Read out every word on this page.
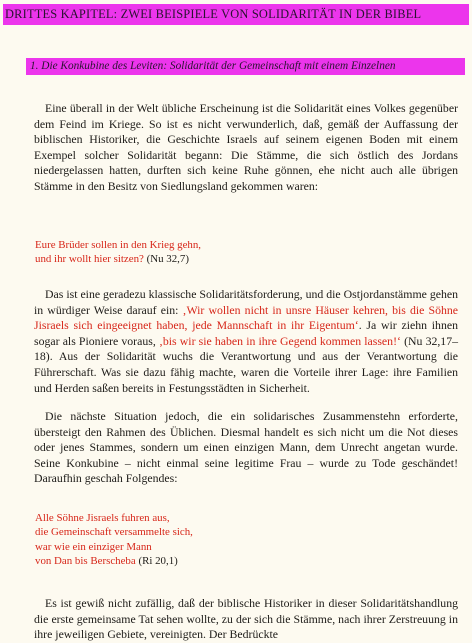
DRITTES KAPITEL: ZWEI BEISPIELE VON SOLIDARITÄT IN DER BIBEL
1. Die Konkubine des Leviten: Solidarität der Gemeinschaft mit einem Einzelnen

Eine überall in der Welt übliche Erscheinung ist die Solidarität eines Volkes gegenüber dem Feind im Kriege. So ist es nicht verwunderlich, daß, gemäß der Auffassung der biblischen Historiker, die Geschichte Israels auf seinem eigenen Boden mit einem Exempel solcher Solidarität begann: Die Stämme, die sich östlich des Jordans niedergelassen hatten, durften sich keine Ruhe gönnen, ehe nicht auch alle übrigen Stämme in den Besitz von Siedlungsland gekommen waren:

Eure Brüder sollen in den Krieg gehn,
und ihr wollt hier sitzen? (Nu 32,7)

Das ist eine geradezu klassische Solidaritätsforderung, und die Ostjordanstämme gehen in würdiger Weise darauf ein: ‚Wir wollen nicht in unsre Häuser kehren, bis die Söhne Jisraels sich eingeeignet haben, jede Mannschaft in ihr Eigentum‘. Ja wir ziehn ihnen sogar als Pioniere voraus, ‚bis wir sie haben in ihre Gegend kommen lassen!‘ (Nu 32,17–18). Aus der Solidarität wuchs die Verantwortung und aus der Verantwortung die Führerschaft. Was sie dazu fähig machte, waren die Vorteile ihrer Lage: ihre Familien und Herden saßen bereits in Festungsstädten in Sicherheit.

Die nächste Situation jedoch, die ein solidarisches Zusammenstehn erforderte, übersteigt den Rahmen des Üblichen. Diesmal handelt es sich nicht um die Not dieses oder jenes Stammes, sondern um einen einzigen Mann, dem Unrecht angetan wurde. Seine Konkubine – nicht einmal seine legitime Frau – wurde zu Tode geschändet! Daraufhin geschah Folgendes:

Alle Söhne Jisraels fuhren aus,
die Gemeinschaft versammelte sich,
war wie ein einziger Mann
von Dan bis Berscheba (Ri 20,1)

Es ist gewiß nicht zufällig, daß der biblische Historiker in dieser Solidaritätshandlung die erste gemeinsame Tat sehen wollte, zu der sich die Stämme, nach ihrer Zerstreuung in ihre jeweiligen Gebiete, vereinigten. Der Bedrückte
